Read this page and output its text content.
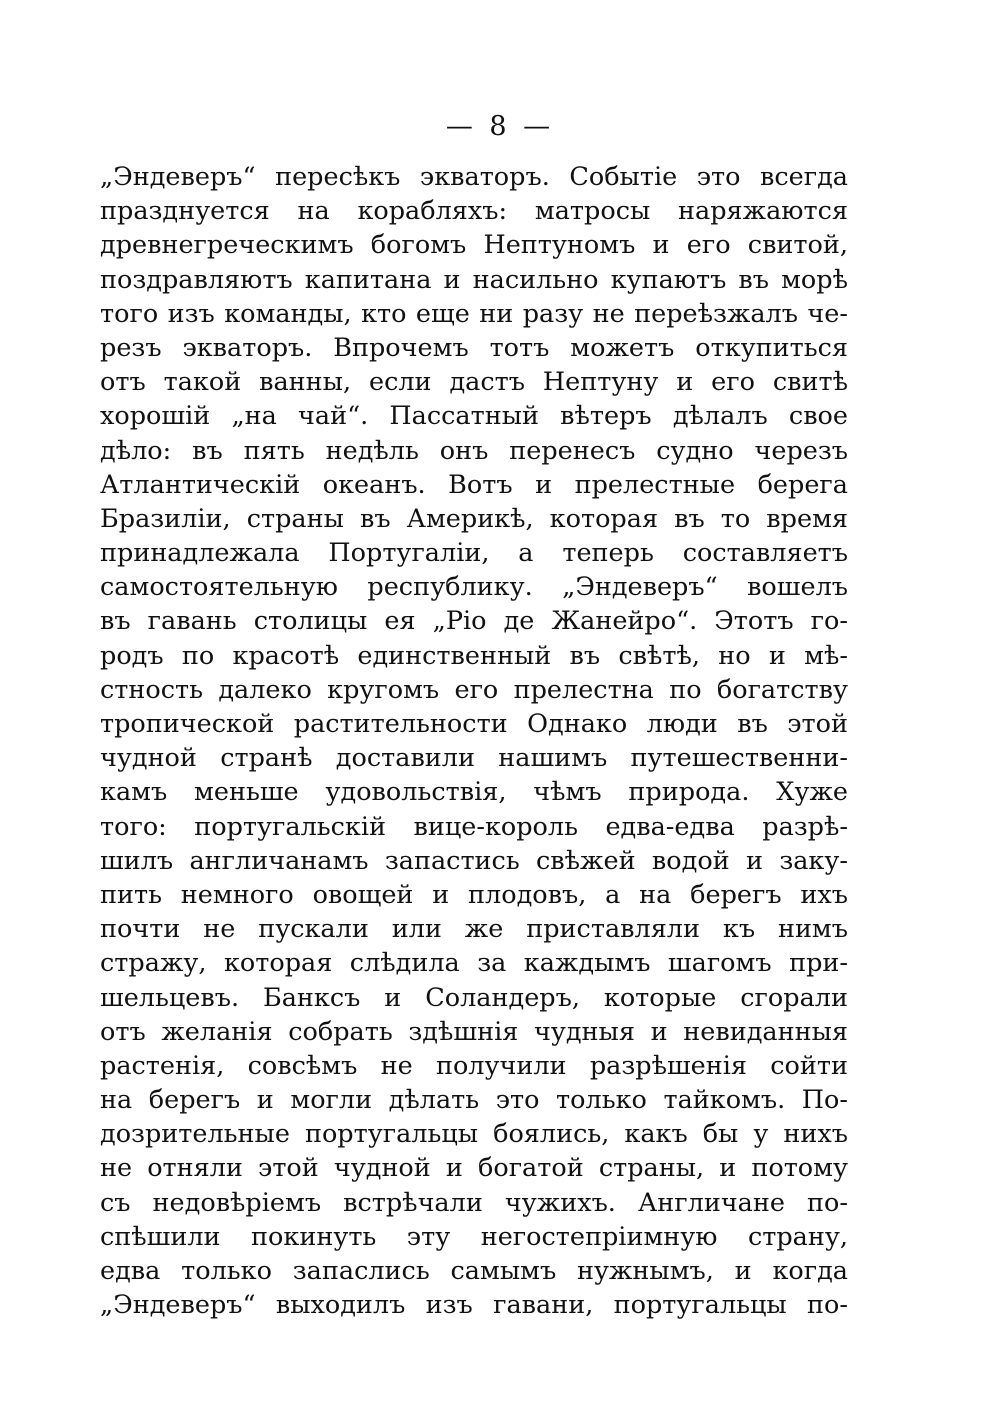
— 8 —
„Эндеверъ“ пересѣкъ экваторъ. Событіе это всегда
празднуется на корабляхъ: матросы наряжаются
древнегреческимъ богомъ Нептуномъ и его свитой,
поздравляютъ капитана и насильно купаютъ въ морѣ
того изъ команды, кто еще ни разу не переѣзжалъ че-
резъ экваторъ. Впрочемъ тотъ можетъ откупиться
отъ такой ванны, если дастъ Нептуну и его свитѣ
хорошій „на чай“. Пассатный вѣтеръ дѣлалъ свое
дѣло: въ пять недѣль онъ перенесъ судно черезъ
Атлантическій океанъ. Вотъ и прелестные берега
Бразиліи, страны въ Америкѣ, которая въ то время
принадлежала Португаліи, а теперь составляетъ
самостоятельную республику. „Эндеверъ“ вошелъ
въ гавань столицы ея „Ріо де Жанейро“. Этотъ го-
родъ по красотѣ единственный въ свѣтѣ, но и мѣ-
стность далеко кругомъ его прелестна по богатству
тропической растительности Однако люди въ этой
чудной странѣ доставили нашимъ путешественни-
камъ меньше удовольствія, чѣмъ природа. Хуже
того: португальскій вице-король едва-едва разрѣ-
шилъ англичанамъ запастись свѣжей водой и заку-
пить немного овощей и плодовъ, а на берегъ ихъ
почти не пускали или же приставляли къ нимъ
стражу, которая слѣдила за каждымъ шагомъ при-
шельцевъ. Банксъ и Соландеръ, которые сгорали
отъ желанія собрать здѣшнія чудныя и невиданныя
растенія, совсѣмъ не получили разрѣшенія сойти
на берегъ и могли дѣлать это только тайкомъ. По-
дозрительные португальцы боялись, какъ бы у нихъ
не отняли этой чудной и богатой страны, и потому
съ недовѣріемъ встрѣчали чужихъ. Англичане по-
спѣшили покинуть эту негостепріимную страну,
едва только запаслись самымъ нужнымъ, и когда
„Эндеверъ“ выходилъ изъ гавани, португальцы по-
